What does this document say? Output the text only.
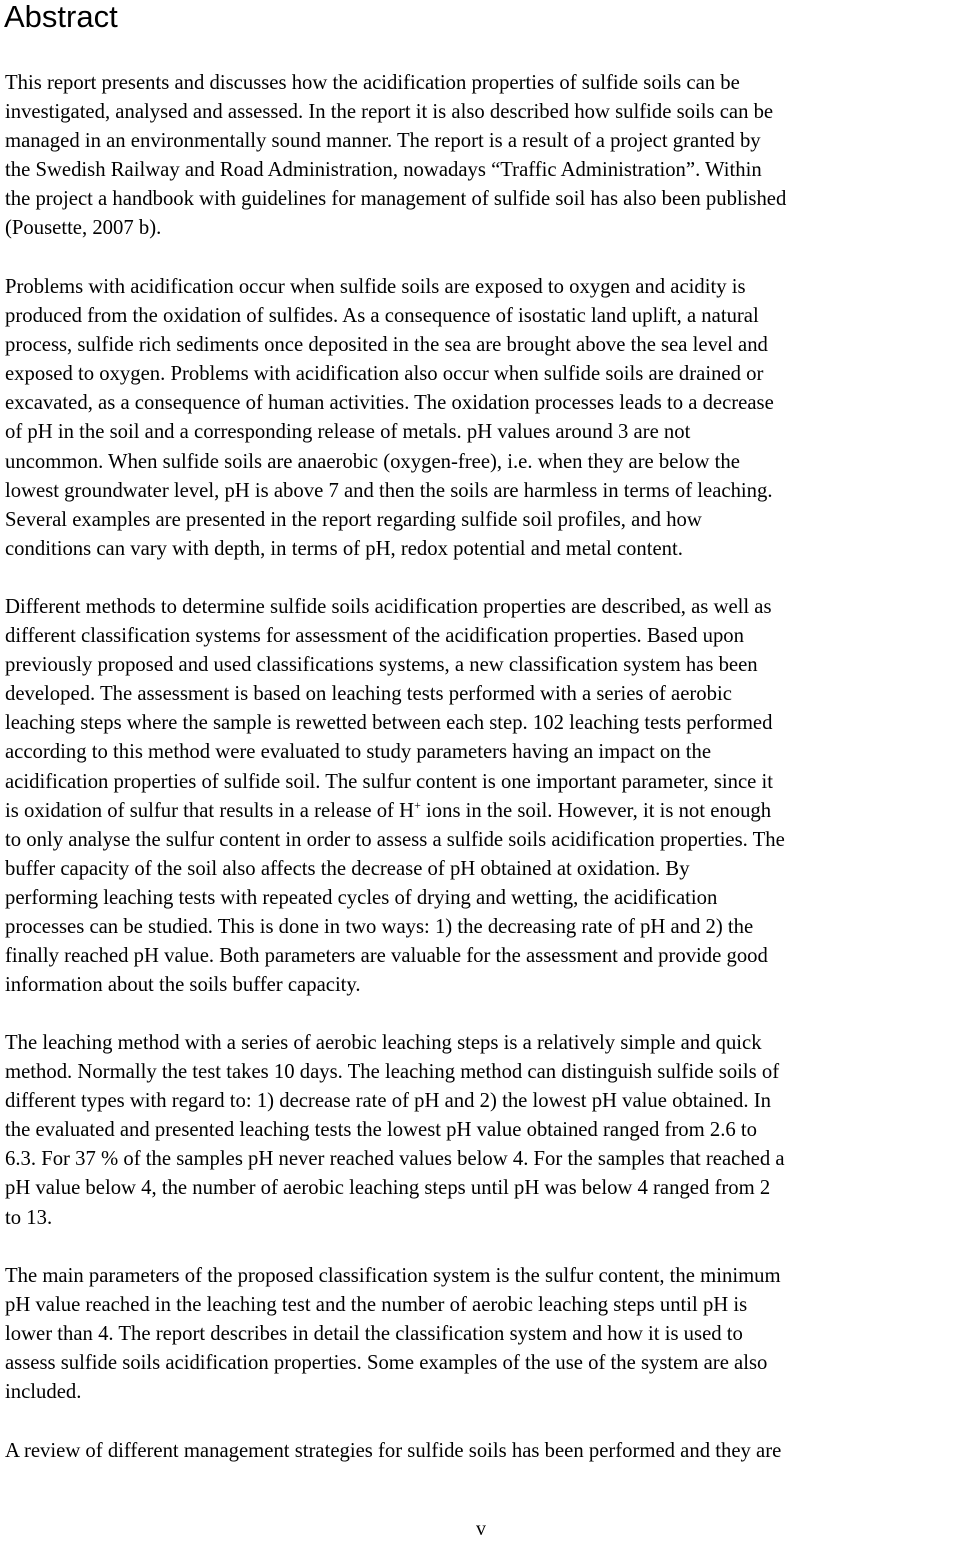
Abstract
This report presents and discusses how the acidification properties of sulfide soils can be
investigated, analysed and assessed. In the report it is also described how sulfide soils can be
managed in an environmentally sound manner. The report is a result of a project granted by
the Swedish Railway and Road Administration, nowadays “Traffic Administration”. Within
the project a handbook with guidelines for management of sulfide soil has also been published
(Pousette, 2007 b).
Problems with acidification occur when sulfide soils are exposed to oxygen and acidity is
produced from the oxidation of sulfides. As a consequence of isostatic land uplift, a natural
process, sulfide rich sediments once deposited in the sea are brought above the sea level and
exposed to oxygen. Problems with acidification also occur when sulfide soils are drained or
excavated, as a consequence of human activities. The oxidation processes leads to a decrease
of pH in the soil and a corresponding release of metals. pH values around 3 are not
uncommon. When sulfide soils are anaerobic (oxygen-free), i.e. when they are below the
lowest groundwater level, pH is above 7 and then the soils are harmless in terms of leaching.
Several examples are presented in the report regarding sulfide soil profiles, and how
conditions can vary with depth, in terms of pH, redox potential and metal content.
Different methods to determine sulfide soils acidification properties are described, as well as
different classification systems for assessment of the acidification properties. Based upon
previously proposed and used classifications systems, a new classification system has been
developed. The assessment is based on leaching tests performed with a series of aerobic
leaching steps where the sample is rewetted between each step. 102 leaching tests performed
according to this method were evaluated to study parameters having an impact on the
acidification properties of sulfide soil. The sulfur content is one important parameter, since it
is oxidation of sulfur that results in a release of H+ ions in the soil. However, it is not enough
to only analyse the sulfur content in order to assess a sulfide soils acidification properties. The
buffer capacity of the soil also affects the decrease of pH obtained at oxidation. By
performing leaching tests with repeated cycles of drying and wetting, the acidification
processes can be studied. This is done in two ways: 1) the decreasing rate of pH and 2) the
finally reached pH value. Both parameters are valuable for the assessment and provide good
information about the soils buffer capacity.
The leaching method with a series of aerobic leaching steps is a relatively simple and quick
method. Normally the test takes 10 days. The leaching method can distinguish sulfide soils of
different types with regard to: 1) decrease rate of pH and 2) the lowest pH value obtained. In
the evaluated and presented leaching tests the lowest pH value obtained ranged from 2.6 to
6.3. For 37 % of the samples pH never reached values below 4. For the samples that reached a
pH value below 4, the number of aerobic leaching steps until pH was below 4 ranged from 2
to 13.
The main parameters of the proposed classification system is the sulfur content, the minimum
pH value reached in the leaching test and the number of aerobic leaching steps until pH is
lower than 4. The report describes in detail the classification system and how it is used to
assess sulfide soils acidification properties. Some examples of the use of the system are also
included.
A review of different management strategies for sulfide soils has been performed and they are
v
